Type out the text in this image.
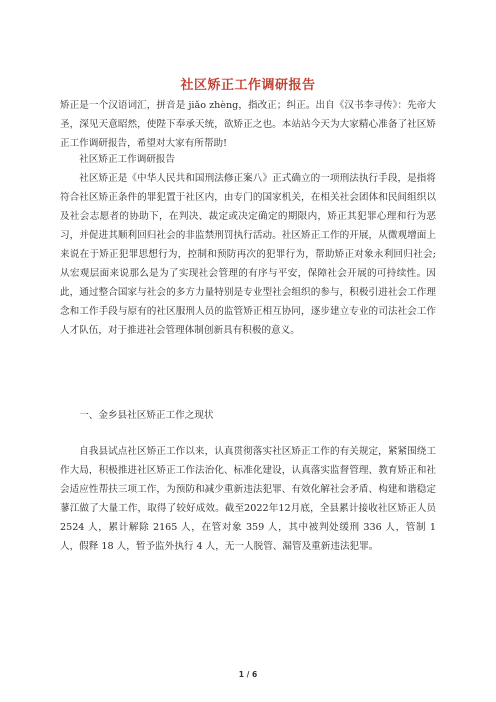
社区矫正工作调研报告
矫正是一个汉语词汇，拼音是 jiǎo zhèng，指改正；纠正。出自《汉书李寻传》：先帝大圣，深见天意昭然，使陛下奉承天统，欲矫正之也。本站站今天为大家精心准备了社区矫正工作调研报告，希望对大家有所帮助!
社区矫正工作调研报告
社区矫正是《中华人民共和国刑法修正案八》正式确立的一项刑法执行手段，是指将符合社区矫正条件的罪犯置于社区内，由专门的国家机关，在相关社会团体和民间组织以及社会志愿者的协助下，在判决、裁定或决定确定的期限内，矫正其犯罪心理和行为恶习，并促进其顺利回归社会的非监禁刑罚执行活动。社区矫正工作的开展，从微观增面上来说在于矫正犯罪思想行为，控制和预防再次的犯罪行为，帮助矫正对象永利回归社会;从宏观层面来说那么是为了实现社会管理的有序与平安，保障社会开展的可持续性。因此，通过整合国家与社会的多方力量特别是专业型社会组织的参与，积极引进社会工作理念和工作手段与原有的社区服刑人员的监管矫正相互协同，逐步建立专业的司法社会工作人才队伍，对于推进社会管理体制创新具有积极的意义。
一、金乡县社区矫正工作之现状
自我县试点社区矫正工作以来，认真贯彻落实社区矫正工作的有关规定，紧紧围绕工作大局，积极推进社区矫正工作法治化、标准化建设，认真落实监督管理、教育矫正和社会适应性帮扶三项工作，为预防和减少重新违法犯罪、有效化解社会矛盾、构建和谐稳定蓼江做了大量工作，取得了较好成效。截至2022年12月底，全县累计接收社区矫正人员 2524 人，累计解除 2165 人，在管对象 359 人，其中被判处缓刑 336 人，管制 1 人，假释 18 人，暂予监外执行 4 人，无一人脱管、漏管及重新违法犯罪。
1 / 6
